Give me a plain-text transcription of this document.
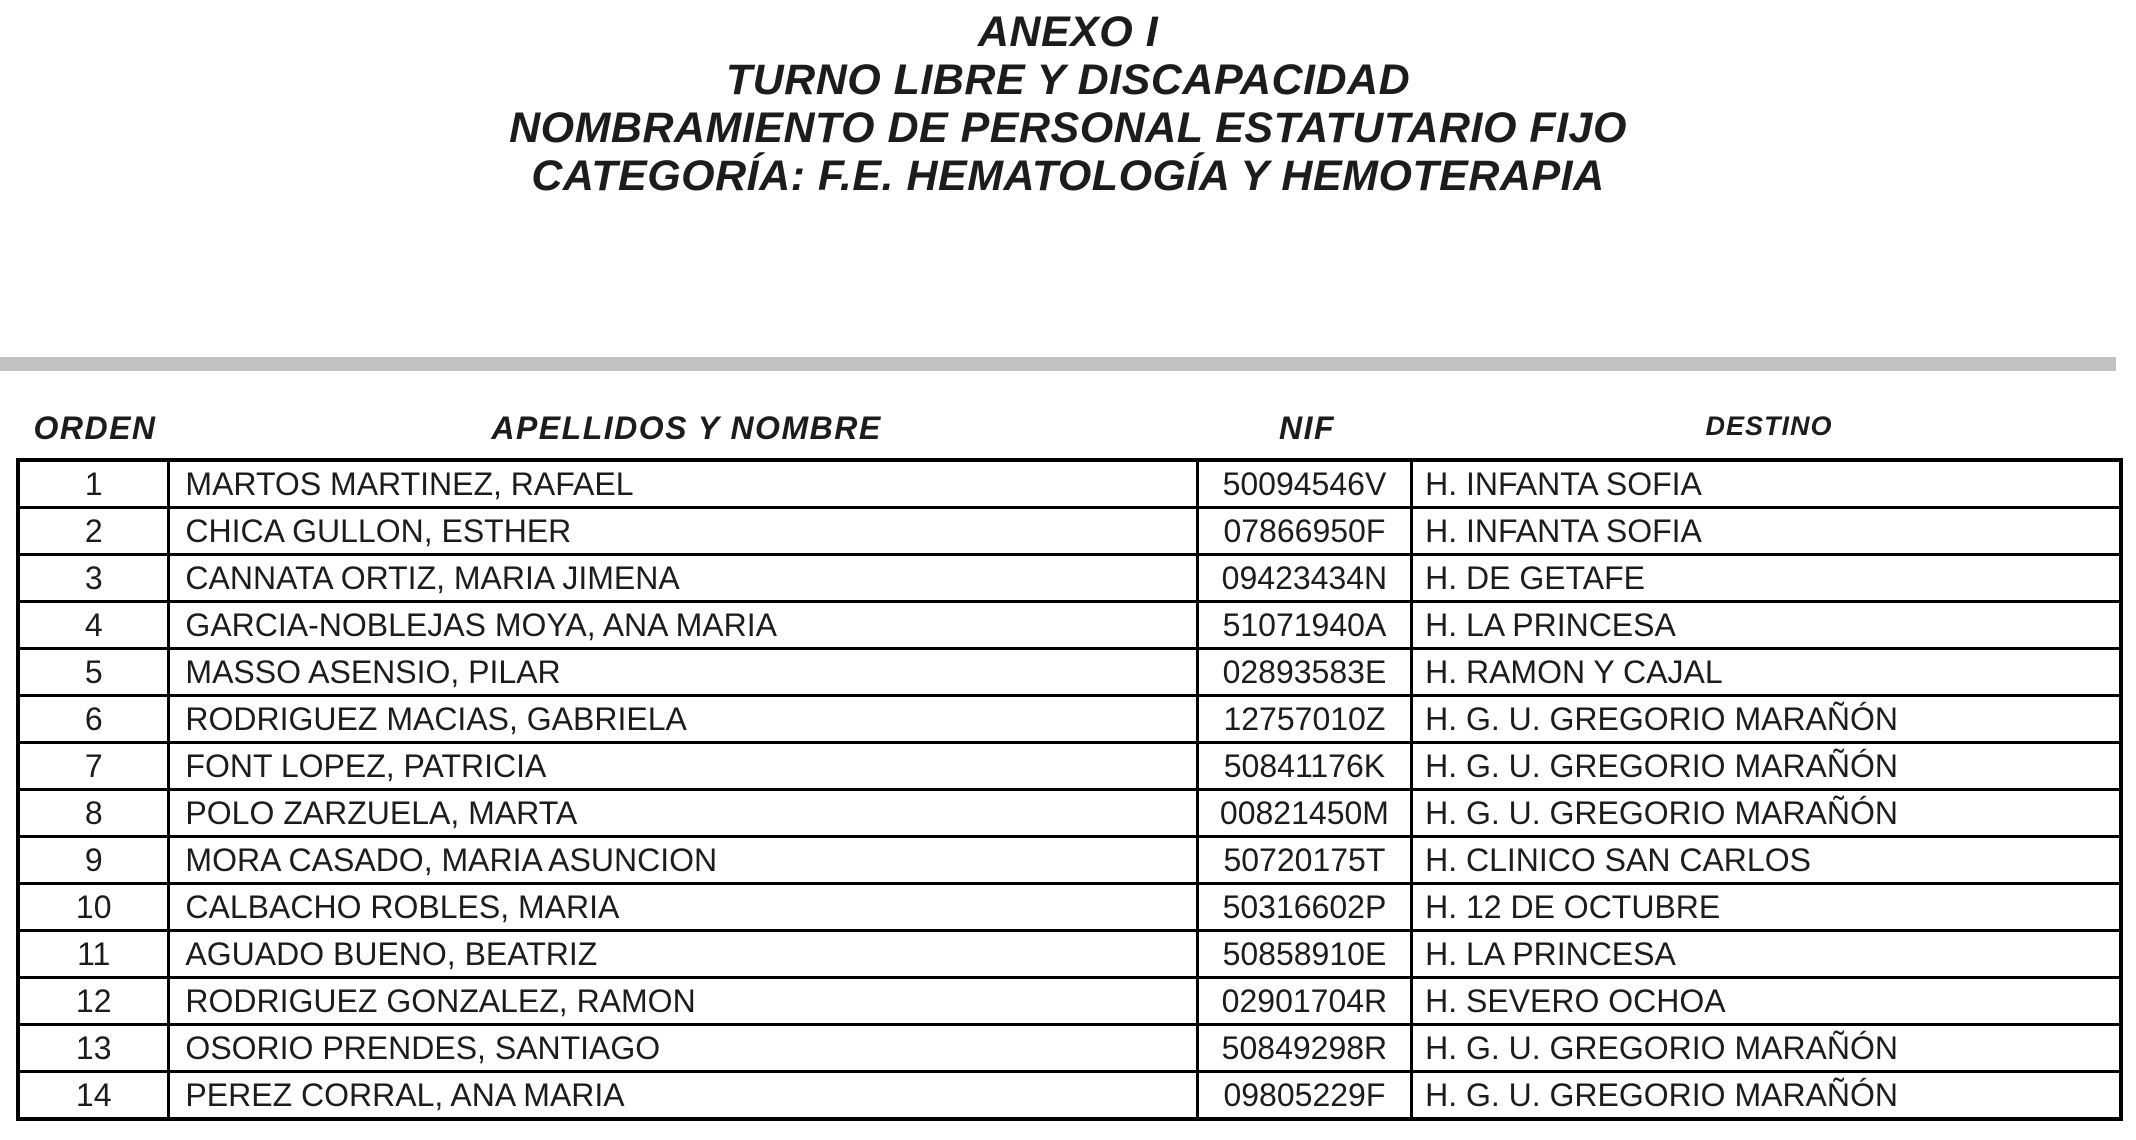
ANEXO I
TURNO LIBRE Y DISCAPACIDAD
NOMBRAMIENTO DE PERSONAL ESTATUTARIO FIJO
CATEGORÍA: F.E. HEMATOLOGÍA Y HEMOTERAPIA
ORDEN	APELLIDOS Y NOMBRE	NIF	DESTINO
1	MARTOS MARTINEZ, RAFAEL	50094546V	H. INFANTA SOFIA
2	CHICA GULLON, ESTHER	07866950F	H. INFANTA SOFIA
3	CANNATA ORTIZ, MARIA JIMENA	09423434N	H. DE GETAFE
4	GARCIA-NOBLEJAS MOYA, ANA MARIA	51071940A	H. LA PRINCESA
5	MASSO ASENSIO, PILAR	02893583E	H. RAMON Y CAJAL
6	RODRIGUEZ MACIAS, GABRIELA	12757010Z	H. G. U. GREGORIO MARAÑÓN
7	FONT LOPEZ, PATRICIA	50841176K	H. G. U. GREGORIO MARAÑÓN
8	POLO ZARZUELA, MARTA	00821450M	H. G. U. GREGORIO MARAÑÓN
9	MORA CASADO, MARIA ASUNCION	50720175T	H. CLINICO SAN CARLOS
10	CALBACHO ROBLES, MARIA	50316602P	H. 12 DE OCTUBRE
11	AGUADO BUENO, BEATRIZ	50858910E	H. LA PRINCESA
12	RODRIGUEZ GONZALEZ, RAMON	02901704R	H. SEVERO OCHOA
13	OSORIO PRENDES, SANTIAGO	50849298R	H. G. U. GREGORIO MARAÑÓN
14	PEREZ CORRAL, ANA MARIA	09805229F	H. G. U. GREGORIO MARAÑÓN
